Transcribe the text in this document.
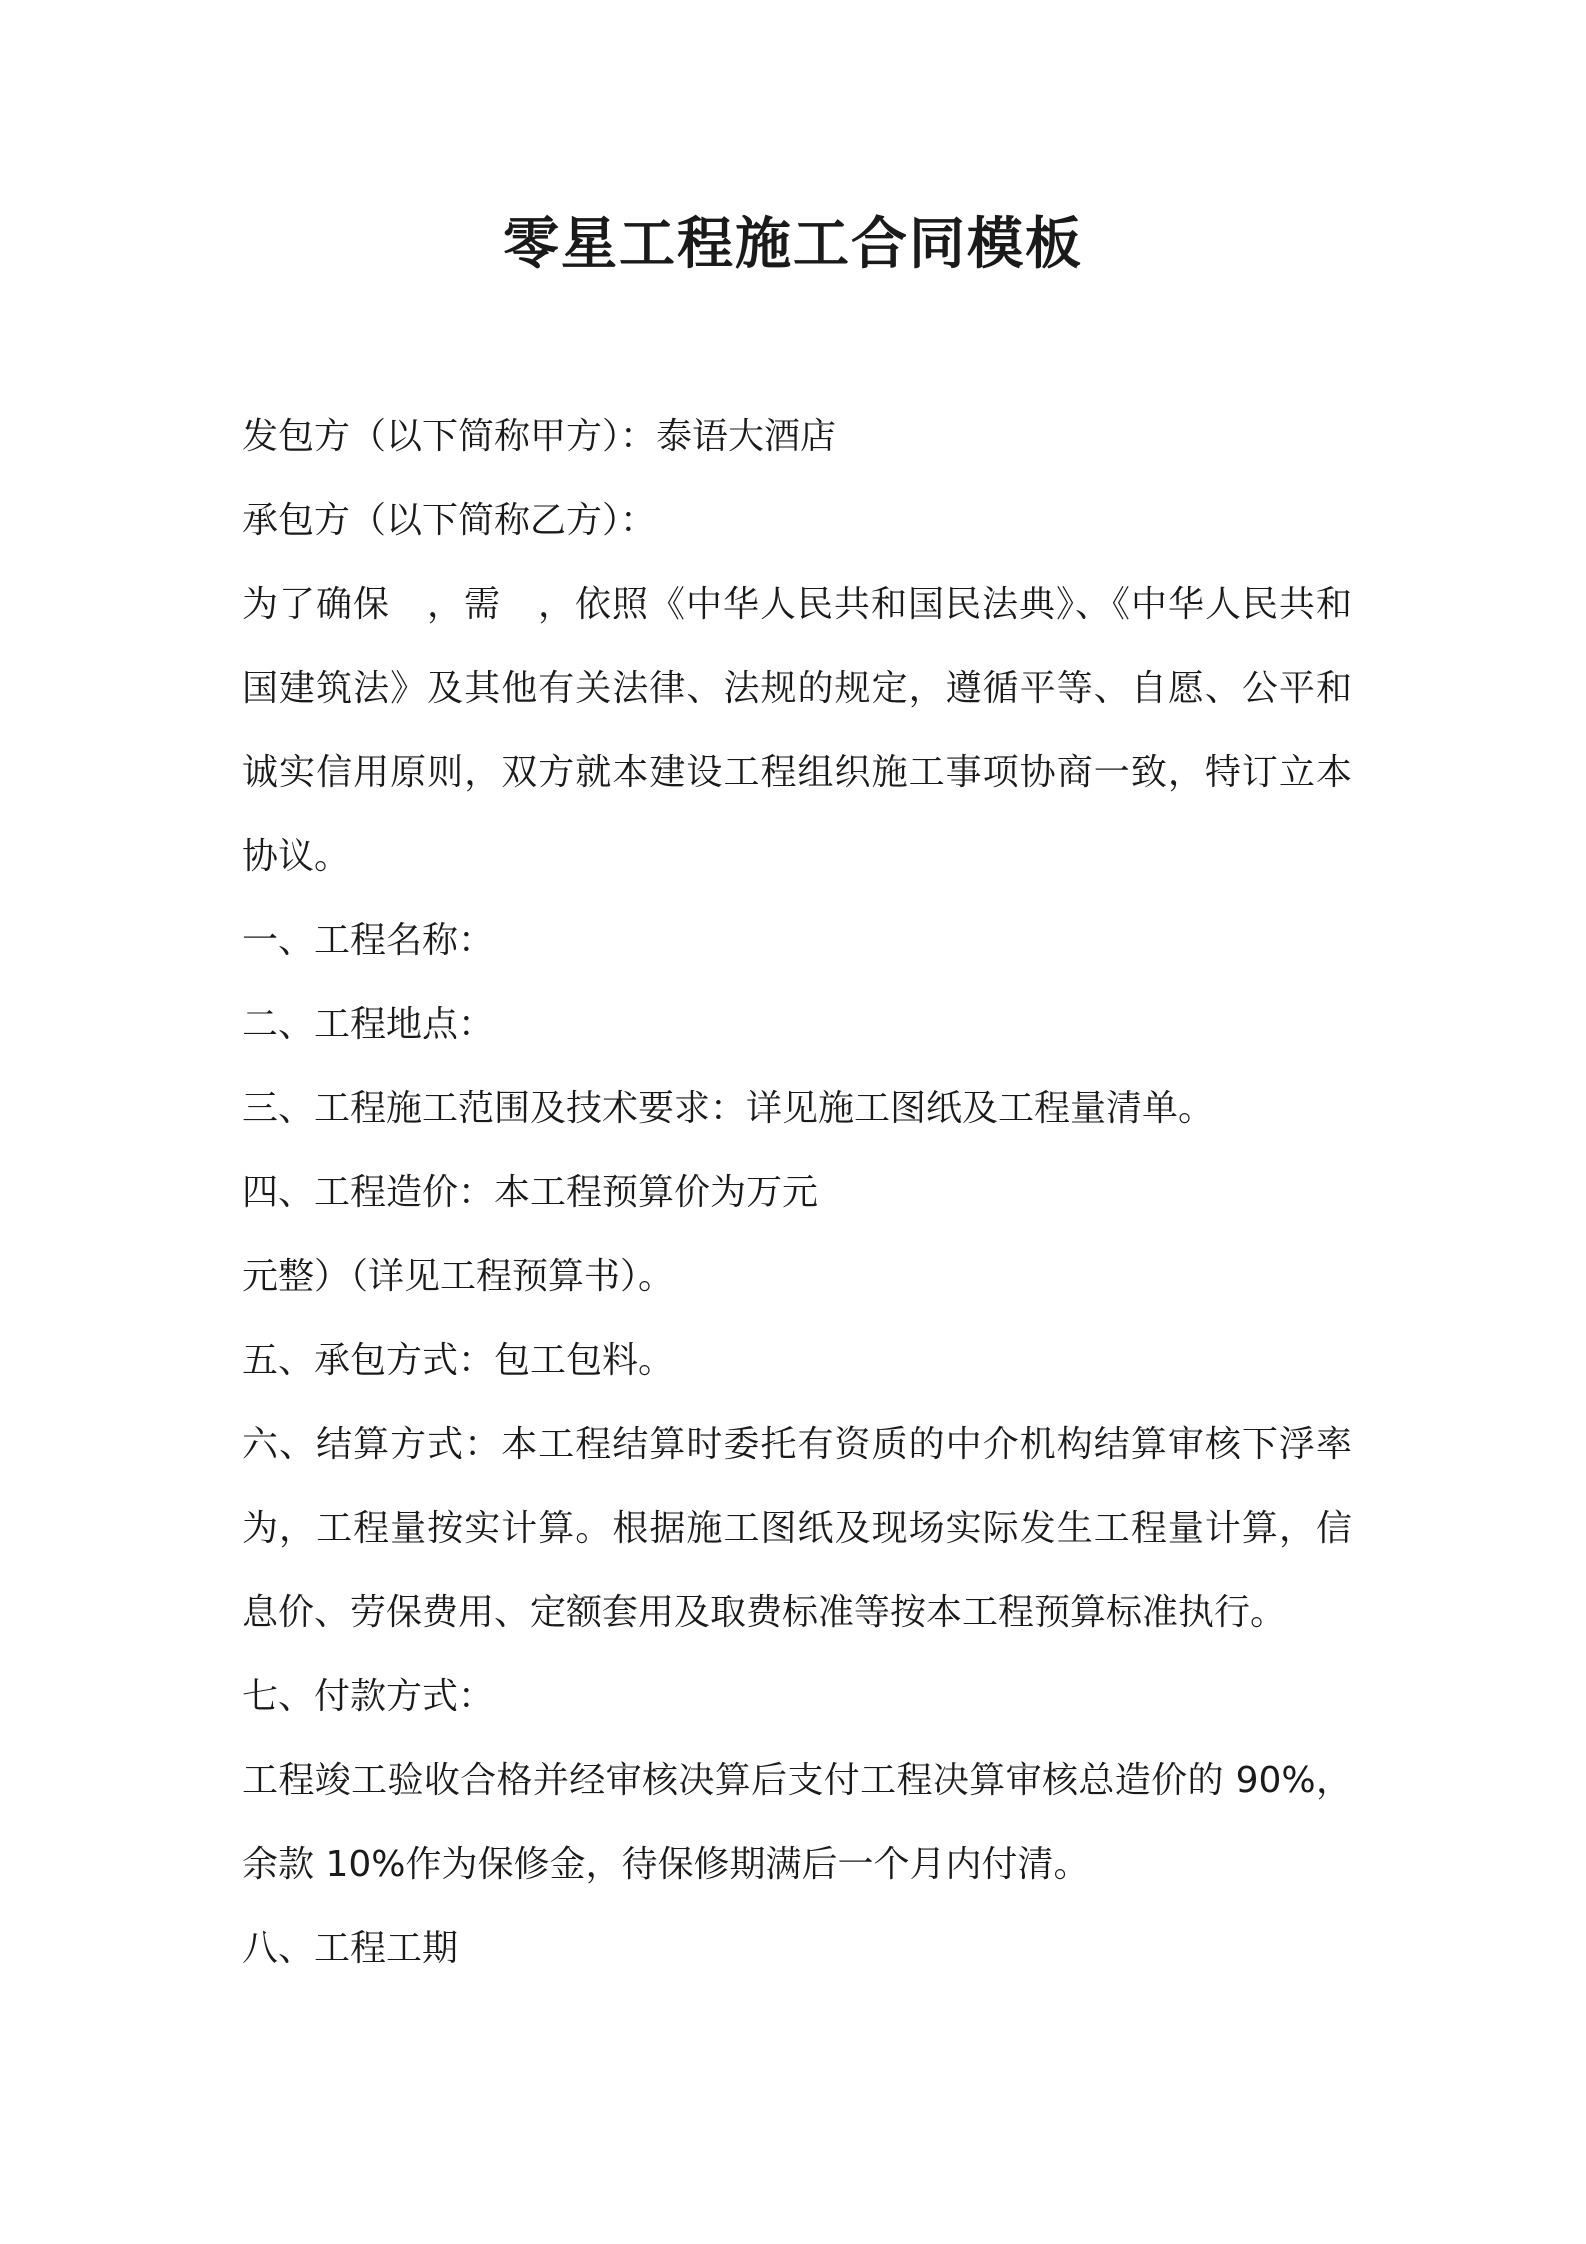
零星工程施工合同模板
发包方（以下简称甲方）：泰语大酒店
承包方（以下简称乙方）：
为了确保　，需　，依照《中华人民共和国民法典》、《中华人民共和
国建筑法》及其他有关法律、法规的规定，遵循平等、自愿、公平和
诚实信用原则，双方就本建设工程组织施工事项协商一致，特订立本
协议。
一、工程名称：
二、工程地点：
三、工程施工范围及技术要求：详见施工图纸及工程量清单。
四、工程造价：本工程预算价为万元
元整）（详见工程预算书）。
五、承包方式：包工包料。
六、结算方式：本工程结算时委托有资质的中介机构结算审核下浮率
为，工程量按实计算。根据施工图纸及现场实际发生工程量计算，信
息价、劳保费用、定额套用及取费标准等按本工程预算标准执行。
七、付款方式：
工程竣工验收合格并经审核决算后支付工程决算审核总造价的 90%，
余款 10%作为保修金，待保修期满后一个月内付清。
八、工程工期
